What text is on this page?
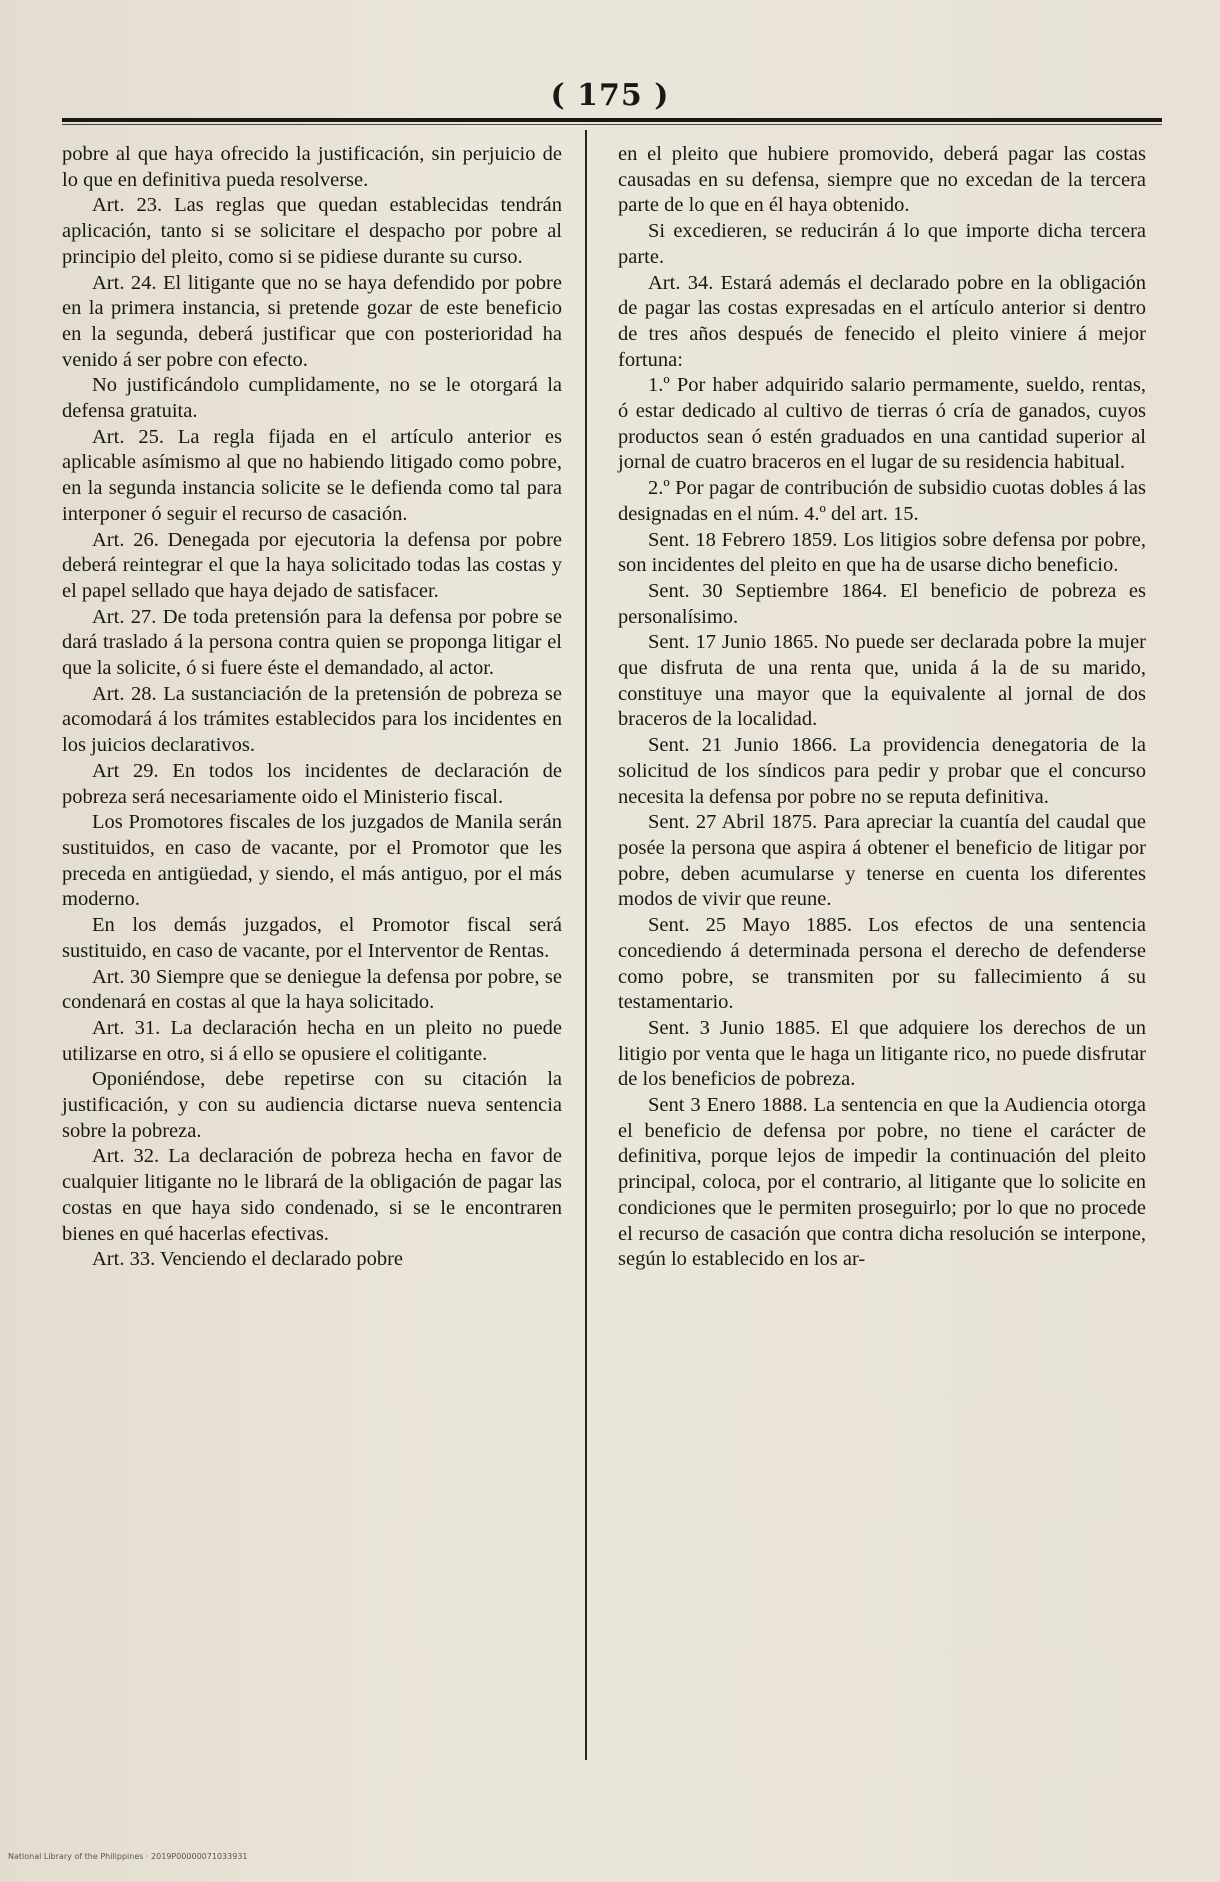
( 175 )

pobre al que haya ofrecido la justificación, sin perjuicio de lo que en definitiva pueda resolverse.

Art. 23. Las reglas que quedan establecidas tendrán aplicación, tanto si se solicitare el despacho por pobre al principio del pleito, como si se pidiese durante su curso.

Art. 24. El litigante que no se haya defendido por pobre en la primera instancia, si pretende gozar de este beneficio en la segunda, deberá justificar que con posterioridad ha venido á ser pobre con efecto.

No justificándolo cumplidamente, no se le otorgará la defensa gratuita.

Art. 25. La regla fijada en el artículo anterior es aplicable asímismo al que no habiendo litigado como pobre, en la segunda instancia solicite se le defienda como tal para interponer ó seguir el recurso de casación.

Art. 26. Denegada por ejecutoria la defensa por pobre deberá reintegrar el que la haya solicitado todas las costas y el papel sellado que haya dejado de satisfacer.

Art. 27. De toda pretensión para la defensa por pobre se dará traslado á la persona contra quien se proponga litigar el que la solicite, ó si fuere éste el demandado, al actor.

Art. 28. La sustanciación de la pretensión de pobreza se acomodará á los trámites establecidos para los incidentes en los juicios declarativos.

Art 29. En todos los incidentes de declaración de pobreza será necesariamente oido el Ministerio fiscal.

Los Promotores fiscales de los juzgados de Manila serán sustituidos, en caso de vacante, por el Promotor que les preceda en antigüedad, y siendo, el más antiguo, por el más moderno.

En los demás juzgados, el Promotor fiscal será sustituido, en caso de vacante, por el Interventor de Rentas.

Art. 30 Siempre que se deniegue la defensa por pobre, se condenará en costas al que la haya solicitado.

Art. 31. La declaración hecha en un pleito no puede utilizarse en otro, si á ello se opusiere el colitigante.

Oponiéndose, debe repetirse con su citación la justificación, y con su audiencia dictarse nueva sentencia sobre la pobreza.

Art. 32. La declaración de pobreza hecha en favor de cualquier litigante no le librará de la obligación de pagar las costas en que haya sido condenado, si se le encontraren bienes en qué hacerlas efectivas.

Art. 33. Venciendo el declarado pobre

en el pleito que hubiere promovido, deberá pagar las costas causadas en su defensa, siempre que no excedan de la tercera parte de lo que en él haya obtenido.

Si excedieren, se reducirán á lo que importe dicha tercera parte.

Art. 34. Estará además el declarado pobre en la obligación de pagar las costas expresadas en el artículo anterior si dentro de tres años después de fenecido el pleito viniere á mejor fortuna:

1.º Por haber adquirido salario permamente, sueldo, rentas, ó estar dedicado al cultivo de tierras ó cría de ganados, cuyos productos sean ó estén graduados en una cantidad superior al jornal de cuatro braceros en el lugar de su residencia habitual.

2.º Por pagar de contribución de subsidio cuotas dobles á las designadas en el núm. 4.º del art. 15.

Sent. 18 Febrero 1859. Los litigios sobre defensa por pobre, son incidentes del pleito en que ha de usarse dicho beneficio.

Sent. 30 Septiembre 1864. El beneficio de pobreza es personalísimo.

Sent. 17 Junio 1865. No puede ser declarada pobre la mujer que disfruta de una renta que, unida á la de su marido, constituye una mayor que la equivalente al jornal de dos braceros de la localidad.

Sent. 21 Junio 1866. La providencia denegatoria de la solicitud de los síndicos para pedir y probar que el concurso necesita la defensa por pobre no se reputa definitiva.

Sent. 27 Abril 1875. Para apreciar la cuantía del caudal que posée la persona que aspira á obtener el beneficio de litigar por pobre, deben acumularse y tenerse en cuenta los diferentes modos de vivir que reune.

Sent. 25 Mayo 1885. Los efectos de una sentencia concediendo á determinada persona el derecho de defenderse como pobre, se transmiten por su fallecimiento á su testamentario.

Sent. 3 Junio 1885. El que adquiere los derechos de un litigio por venta que le haga un litigante rico, no puede disfrutar de los beneficios de pobreza.

Sent 3 Enero 1888. La sentencia en que la Audiencia otorga el beneficio de defensa por pobre, no tiene el carácter de definitiva, porque lejos de impedir la continuación del pleito principal, coloca, por el contrario, al litigante que lo solicite en condiciones que le permiten proseguirlo; por lo que no procede el recurso de casación que contra dicha resolución se interpone, según lo establecido en los ar-

National Library of the Philippines · 2019P00000071033931
